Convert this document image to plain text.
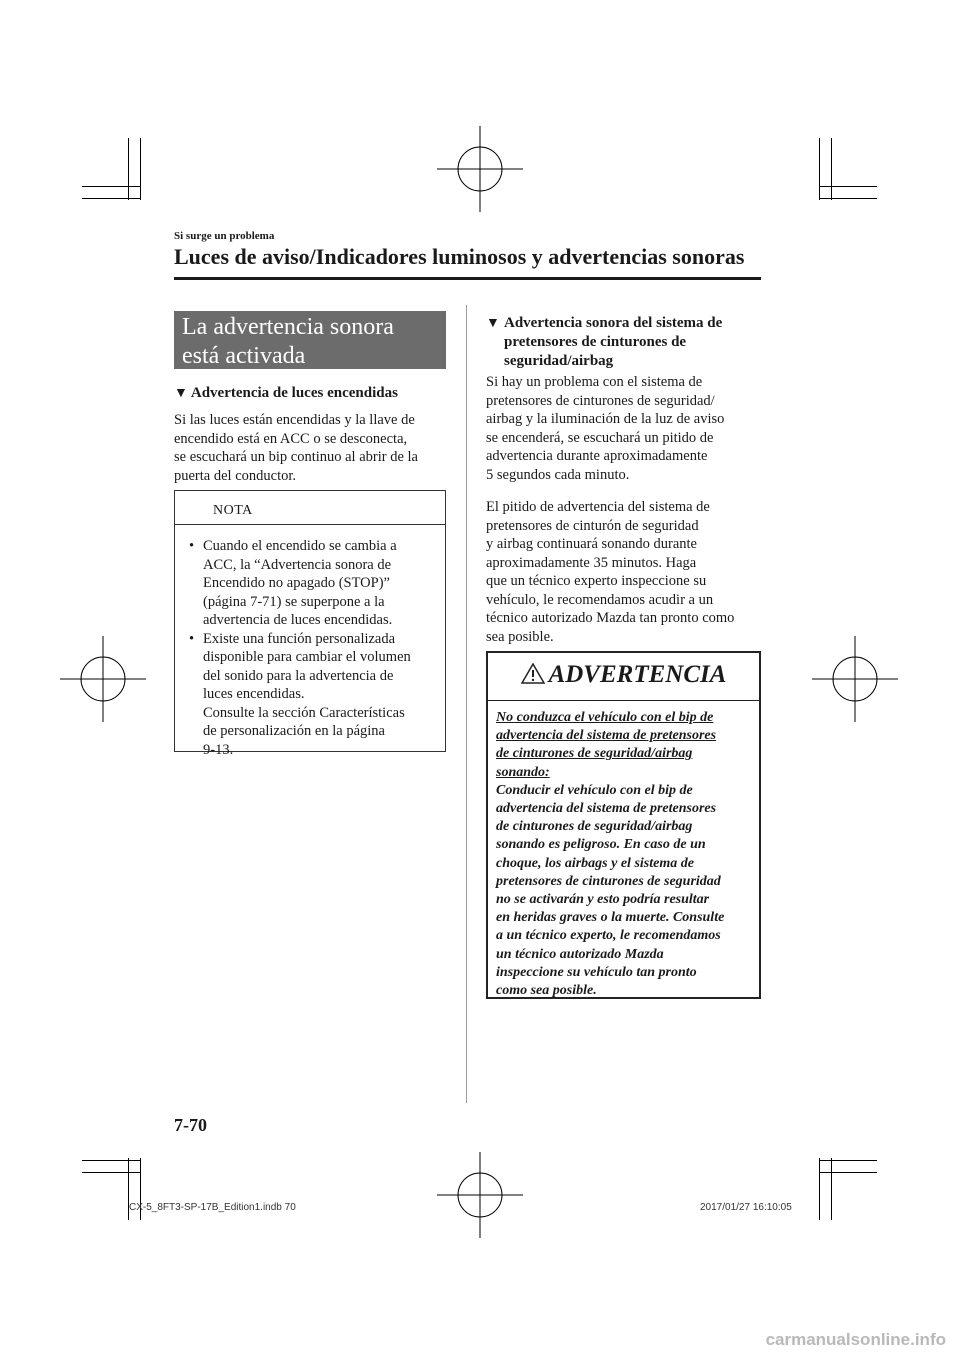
Si surge un problema
Luces de aviso/Indicadores luminosos y advertencias sonoras
La advertencia sonora
está activada
▼ Advertencia de luces encendidas
Si las luces están encendidas y la llave de
encendido está en ACC o se desconecta,
se escuchará un bip continuo al abrir de la
puerta del conductor.
NOTA
• Cuando el encendido se cambia a
ACC, la “Advertencia sonora de
Encendido no apagado (STOP)”
(página 7-71) se superpone a la
advertencia de luces encendidas.
• Existe una función personalizada
disponible para cambiar el volumen
del sonido para la advertencia de
luces encendidas.
Consulte la sección Características
de personalización en la página
9-13.
▼ Advertencia sonora del sistema de
pretensores de cinturones de
seguridad/airbag
Si hay un problema con el sistema de
pretensores de cinturones de seguridad/
airbag y la iluminación de la luz de aviso
se encenderá, se escuchará un pitido de
advertencia durante aproximadamente
5 segundos cada minuto.
El pitido de advertencia del sistema de
pretensores de cinturón de seguridad
y airbag continuará sonando durante
aproximadamente 35 minutos. Haga
que un técnico experto inspeccione su
vehículo, le recomendamos acudir a un
técnico autorizado Mazda tan pronto como
sea posible.
ADVERTENCIA
No conduzca el vehículo con el bip de
advertencia del sistema de pretensores
de cinturones de seguridad/airbag
sonando:
Conducir el vehículo con el bip de
advertencia del sistema de pretensores
de cinturones de seguridad/airbag
sonando es peligroso. En caso de un
choque, los airbags y el sistema de
pretensores de cinturones de seguridad
no se activarán y esto podría resultar
en heridas graves o la muerte. Consulte
a un técnico experto, le recomendamos
un técnico autorizado Mazda
inspeccione su vehículo tan pronto
como sea posible.
7-70
CX-5_8FT3-SP-17B_Edition1.indb 70	2017/01/27 16:10:05
carmanualsonline.info
